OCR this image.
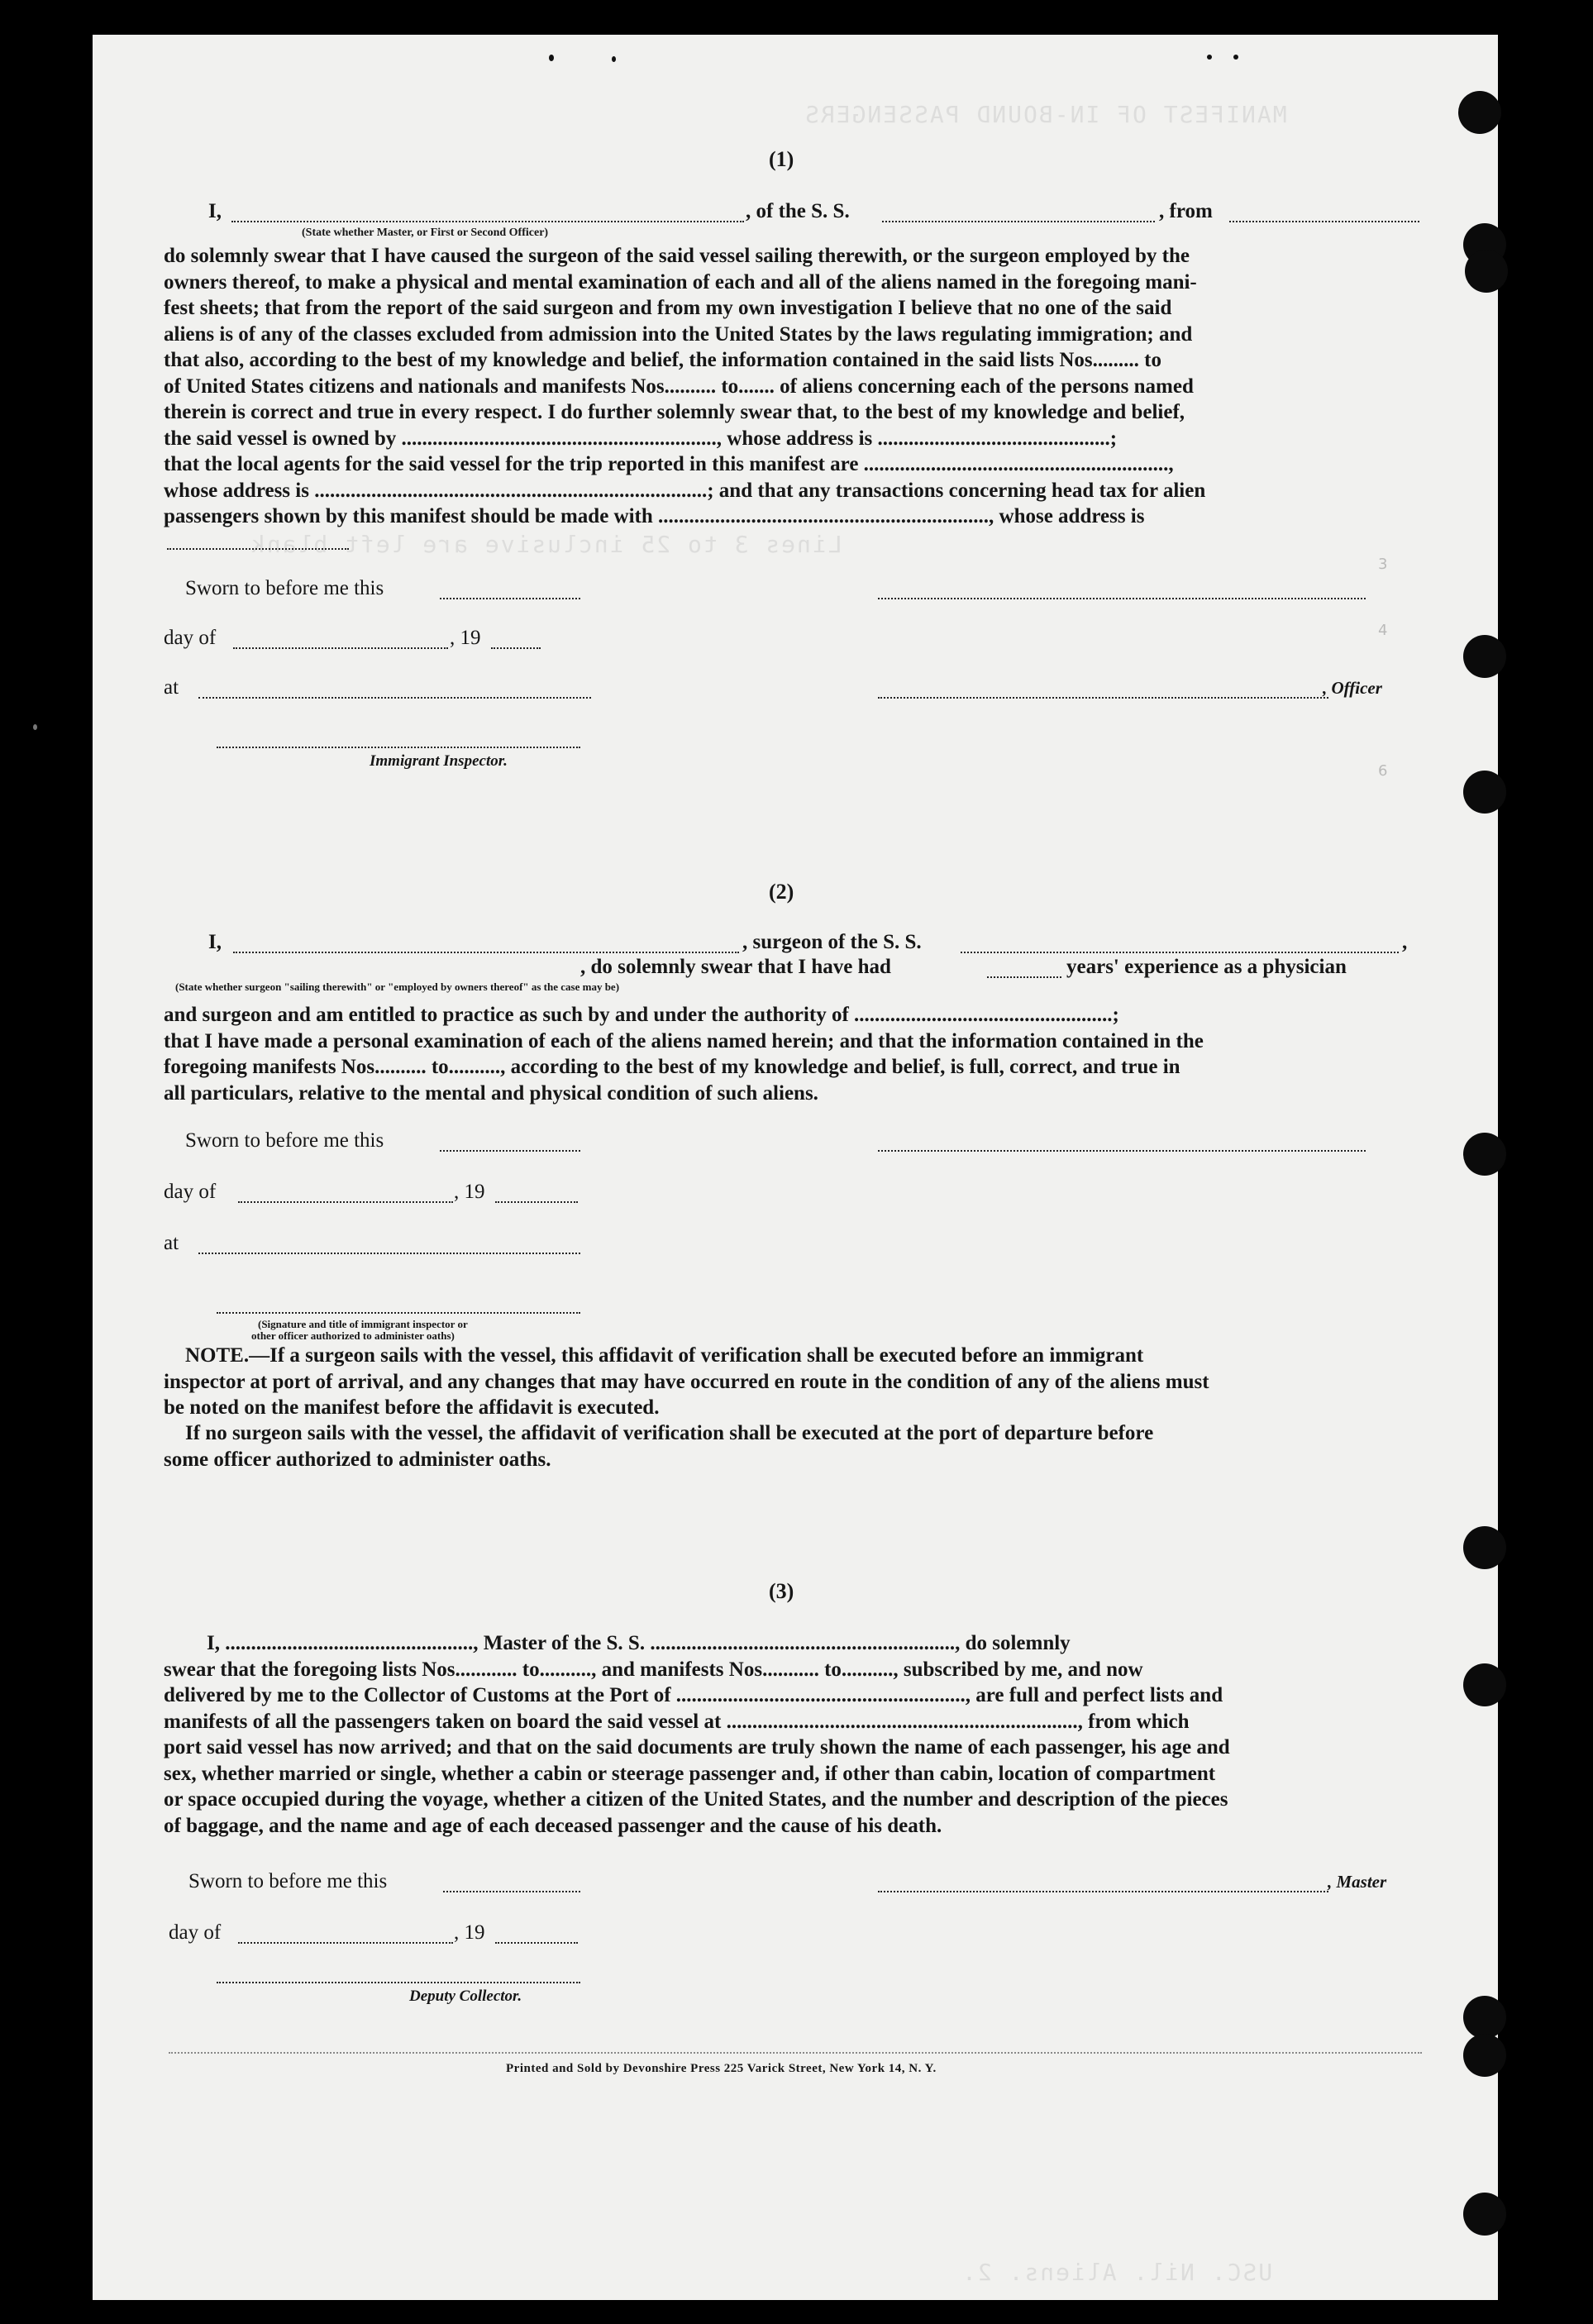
MANIFEST OF IN-BOUND PASSENGERS
Lines 3 to 25 inclusive are left blank
USC. Nil. Aliens. 2.
3
4
6
(1)
I,	, of the S. S.	, from
(State whether Master, or First or Second Officer)
do solemnly swear that I have caused the surgeon of the said vessel sailing therewith, or the surgeon employed by the
owners thereof, to make a physical and mental examination of each and all of the aliens named in the foregoing mani-
fest sheets; that from the report of the said surgeon and from my own investigation I believe that no one of the said
aliens is of any of the classes excluded from admission into the United States by the laws regulating immigration; and
that also, according to the best of my knowledge and belief, the information contained in the said lists Nos......... to
of United States citizens and nationals and manifests Nos.......... to....... of aliens concerning each of the persons named
therein is correct and true in every respect. I do further solemnly swear that, to the best of my knowledge and belief,
the said vessel is owned by ............................................................., whose address is .............................................;
that the local agents for the said vessel for the trip reported in this manifest are ...........................................................,
whose address is ............................................................................; and that any transactions concerning head tax for alien
passengers shown by this manifest should be made with ................................................................, whose address is
Sworn to before me this
day of	, 19
at	, Officer
Immigrant Inspector.
(2)
I,	, surgeon of the S. S.	,
, do solemnly swear that I have had	years' experience as a physician
(State whether surgeon "sailing therewith" or "employed by owners thereof" as the case may be)
and surgeon and am entitled to practice as such by and under the authority of ..................................................;
that I have made a personal examination of each of the aliens named herein; and that the information contained in the
foregoing manifests Nos.......... to.........., according to the best of my knowledge and belief, is full, correct, and true in
all particulars, relative to the mental and physical condition of such aliens.
Sworn to before me this
day of	, 19
at
(Signature and title of immigrant inspector or
other officer authorized to administer oaths)
NOTE.—If a surgeon sails with the vessel, this affidavit of verification shall be executed before an immigrant
inspector at port of arrival, and any changes that may have occurred en route in the condition of any of the aliens must
be noted on the manifest before the affidavit is executed.
If no surgeon sails with the vessel, the affidavit of verification shall be executed at the port of departure before
some officer authorized to administer oaths.
(3)
I, ................................................, Master of the S. S. ..........................................................., do solemnly
swear that the foregoing lists Nos............ to.........., and manifests Nos........... to.........., subscribed by me, and now
delivered by me to the Collector of Customs at the Port of ........................................................, are full and perfect lists and
manifests of all the passengers taken on board the said vessel at ...................................................................., from which
port said vessel has now arrived; and that on the said documents are truly shown the name of each passenger, his age and
sex, whether married or single, whether a cabin or steerage passenger and, if other than cabin, location of compartment
or space occupied during the voyage, whether a citizen of the United States, and the number and description of the pieces
of baggage, and the name and age of each deceased passenger and the cause of his death.
Sworn to before me this	, Master
day of	, 19
Deputy Collector.
Printed and Sold by Devonshire Press 225 Varick Street, New York 14, N. Y.
